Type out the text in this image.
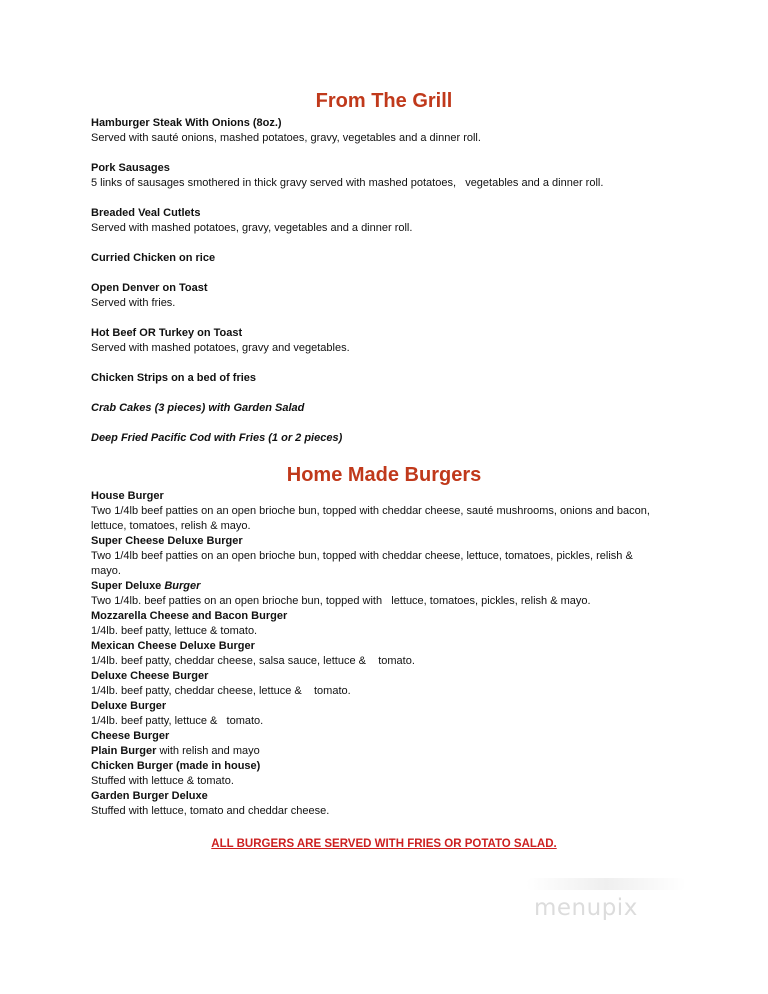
From The Grill
Hamburger Steak With Onions (8oz.)
Served with sauté onions, mashed potatoes, gravy, vegetables and a dinner roll.
Pork Sausages
5 links of sausages smothered in thick gravy served with mashed potatoes,   vegetables and a dinner roll.
Breaded Veal Cutlets
Served with mashed potatoes, gravy, vegetables and a dinner roll.
Curried Chicken on rice
Open Denver on Toast
Served with fries.
Hot Beef OR Turkey on Toast
Served with mashed potatoes, gravy and vegetables.
Chicken Strips on a bed of fries
Crab Cakes (3 pieces) with Garden Salad
Deep Fried Pacific Cod with Fries (1 or 2 pieces)
Home Made Burgers
House Burger
Two 1/4lb beef patties on an open brioche bun, topped with cheddar cheese, sauté mushrooms, onions and bacon, lettuce, tomatoes, relish & mayo.
Super Cheese Deluxe Burger
Two 1/4lb beef patties on an open brioche bun, topped with cheddar cheese, lettuce, tomatoes, pickles, relish & mayo.
Super Deluxe Burger
Two 1/4lb. beef patties on an open brioche bun, topped with   lettuce, tomatoes, pickles, relish & mayo.
Mozzarella Cheese and Bacon Burger
1/4lb. beef patty, lettuce & tomato.
Mexican Cheese Deluxe Burger
1/4lb. beef patty, cheddar cheese, salsa sauce, lettuce &    tomato.
Deluxe Cheese Burger
1/4lb. beef patty, cheddar cheese, lettuce &    tomato.
Deluxe Burger
1/4lb. beef patty, lettuce &   tomato.
Cheese Burger
Plain Burger with relish and mayo
Chicken Burger (made in house)
Stuffed with lettuce & tomato.
Garden Burger Deluxe
Stuffed with lettuce, tomato and cheddar cheese.

ALL BURGERS ARE SERVED WITH FRIES OR POTATO SALAD.

menupix
